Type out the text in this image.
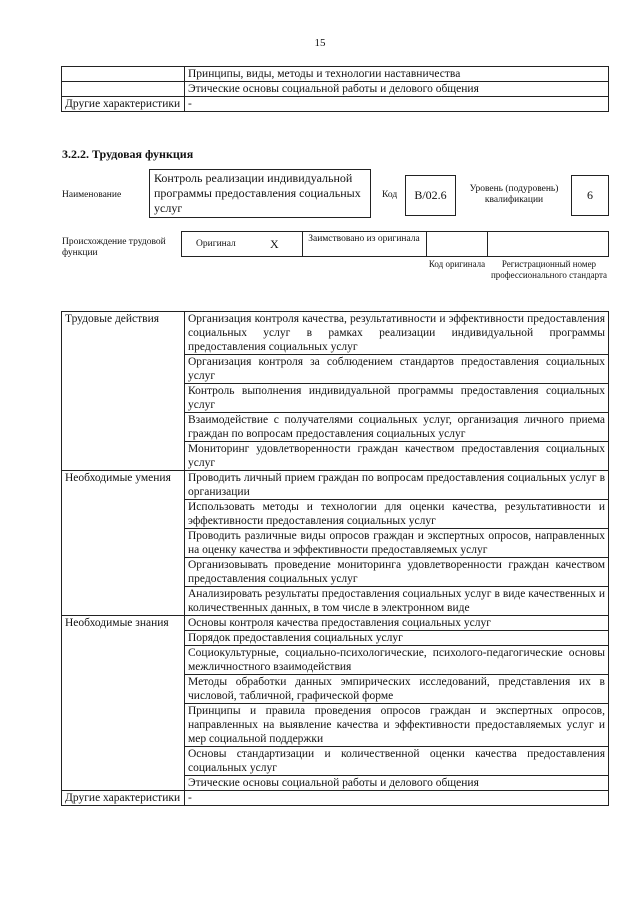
15
	Принципы, виды, методы и технологии наставничества
	Этические основы социальной работы и делового общения
Другие характеристики	-
3.2.2. Трудовая функция
Наименование
Контроль реализации индивидуальной программы предоставления социальных услуг
Код	B/02.6	Уровень (подуровень) квалификации	6
Происхождение трудовой функции
Оригинал	X	Заимствовано из оригинала
Код оригинала	Регистрационный номер профессионального стандарта
Трудовые действия	Организация контроля качества, результативности и эффективности предоставления социальных услуг в рамках реализации индивидуальной программы предоставления социальных услуг
	Организация контроля за соблюдением стандартов предоставления социальных услуг
	Контроль выполнения индивидуальной программы предоставления социальных услуг
	Взаимодействие с получателями социальных услуг, организация личного приема граждан по вопросам предоставления социальных услуг
	Мониторинг удовлетворенности граждан качеством предоставления социальных услуг
Необходимые умения	Проводить личный прием граждан по вопросам предоставления социальных услуг в организации
	Использовать методы и технологии для оценки качества, результативности и эффективности предоставления социальных услуг
	Проводить различные виды опросов граждан и экспертных опросов, направленных на оценку качества и эффективности предоставляемых услуг
	Организовывать проведение мониторинга удовлетворенности граждан качеством предоставления социальных услуг
	Анализировать результаты предоставления социальных услуг в виде качественных и количественных данных, в том числе в электронном виде
Необходимые знания	Основы контроля качества предоставления социальных услуг
	Порядок предоставления социальных услуг
	Социокультурные, социально-психологические, психолого-педагогические основы межличностного взаимодействия
	Методы обработки данных эмпирических исследований, представления их в числовой, табличной, графической форме
	Принципы и правила проведения опросов граждан и экспертных опросов, направленных на выявление качества и эффективности предоставляемых услуг и мер социальной поддержки
	Основы стандартизации и количественной оценки качества предоставления социальных услуг
	Этические основы социальной работы и делового общения
Другие характеристики	-
